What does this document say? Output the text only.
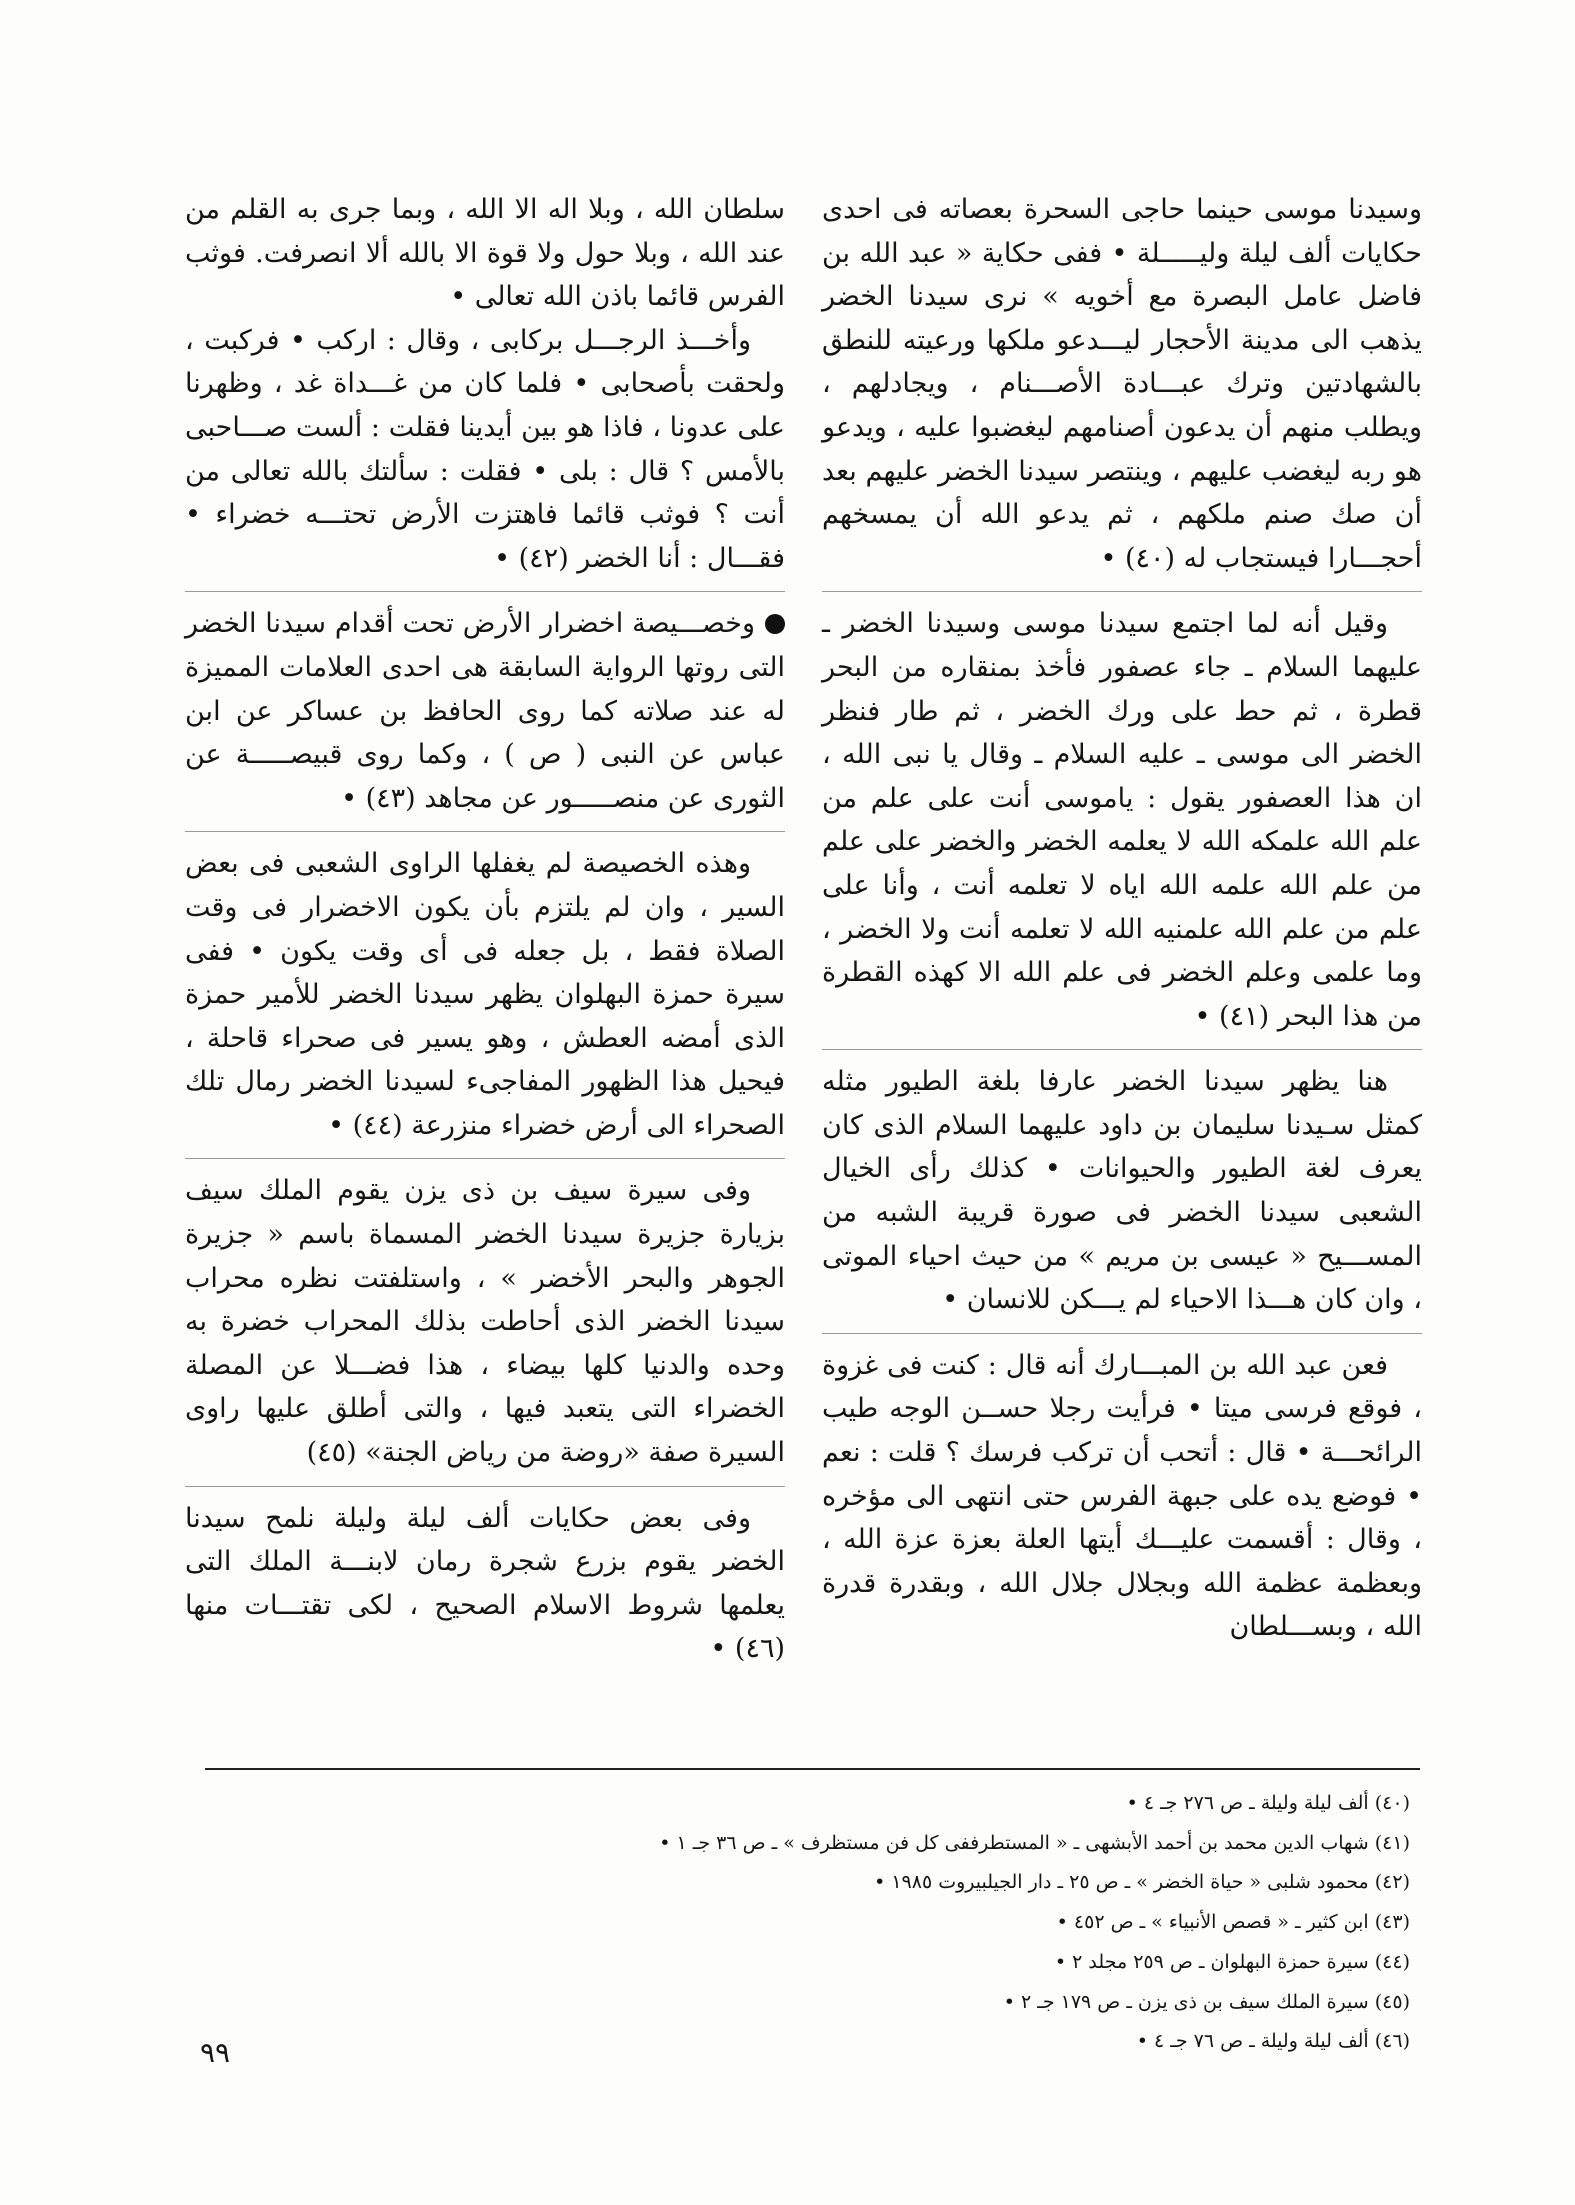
وسيدنا موسى حينما حاجى السحرة بعصاته فى احدى حكايات ألف ليلة وليـــــلة • ففى حكاية « عبد الله بن فاضل عامل البصرة مع أخويه » نرى سيدنا الخضر يذهب الى مدينة الأحجار ليـــدعو ملكها ورعيته للنطق بالشهادتين وترك عبـــادة الأصـــنام ، ويجادلهم ، ويطلب منهم أن يدعون أصنامهم ليغضبوا عليه ، ويدعو هو ربه ليغضب عليهم ، وينتصر سيدنا الخضر عليهم بعد أن صك صنم ملكهم ، ثم يدعو الله أن يمسخهم أحجـــارا فيستجاب له (٤٠) •

وقيل أنه لما اجتمع سيدنا موسى وسيدنا الخضر ـ عليهما السلام ـ جاء عصفور فأخذ بمنقاره من البحر قطرة ، ثم حط على ورك الخضر ، ثم طار فنظر الخضر الى موسى ـ عليه السلام ـ وقال يا نبى الله ، ان هذا العصفور يقول : ياموسى أنت على علم من علم الله علمكه الله لا يعلمه الخضر والخضر على علم من علم الله علمه الله اياه لا تعلمه أنت ، وأنا على علم من علم الله علمنيه الله لا تعلمه أنت ولا الخضر ، وما علمى وعلم الخضر فى علم الله الا كهذه القطرة من هذا البحر (٤١) •

هنا يظهر سيدنا الخضر عارفا بلغة الطيور مثله كمثل سـيدنا سليمان بن داود عليهما السلام الذى كان يعرف لغة الطيور والحيوانات • كذلك رأى الخيال الشعبى سيدنا الخضر فى صورة قريبة الشبه من المســـيح « عيسى بن مريم » من حيث احياء الموتى ، وان كان هـــذا الاحياء لم يـــكن للانسان •

فعن عبد الله بن المبـــارك أنه قال : كنت فى غزوة ، فوقع فرسى ميتا • فرأيت رجلا حســن الوجه طيب الرائحـــة • قال : أتحب أن تركب فرسك ؟ قلت : نعم • فوضع يده على جبهة الفرس حتى انتهى الى مؤخره ، وقال : أقسمت عليـــك أيتها العلة بعزة عزة الله ، وبعظمة عظمة الله وبجلال جلال الله ، وبقدرة قدرة الله ، وبســـلطان

سلطان الله ، وبلا اله الا الله ، وبما جرى به القلم من عند الله ، وبلا حول ولا قوة الا بالله ألا انصرفت. فوثب الفرس قائما باذن الله تعالى •

وأخـــذ الرجـــل بركابى ، وقال : اركب • فركبت ، ولحقت بأصحابى • فلما كان من غـــداة غد ، وظهرنا على عدونا ، فاذا هو بين أيدينا فقلت : ألست صـــاحبى بالأمس ؟ قال : بلى • فقلت : سألتك بالله تعالى من أنت ؟ فوثب قائما فاهتزت الأرض تحتـــه خضراء • فقـــال : أنا الخضر (٤٢) •

وخصـــيصة اخضرار الأرض تحت أقدام سيدنا الخضر التى روتها الرواية السابقة هى احدى العلامات المميزة له عند صلاته كما روى الحافظ بن عساكر عن ابن عباس عن النبى ( ص ) ، وكما روى قبيصـــــة عن الثورى عن منصـــــور عن مجاهد (٤٣) •

وهذه الخصيصة لم يغفلها الراوى الشعبى فى بعض السير ، وان لم يلتزم بأن يكون الاخضرار فى وقت الصلاة فقط ، بل جعله فى أى وقت يكون • ففى سيرة حمزة البهلوان يظهر سيدنا الخضر للأمير حمزة الذى أمضه العطش ، وهو يسير فى صحراء قاحلة ، فيحيل هذا الظهور المفاجىء لسيدنا الخضر رمال تلك الصحراء الى أرض خضراء منزرعة (٤٤) •

وفى سيرة سيف بن ذى يزن يقوم الملك سيف بزيارة جزيرة سيدنا الخضر المسماة باسم « جزيرة الجوهر والبحر الأخضر » ، واستلفتت نظره محراب سيدنا الخضر الذى أحاطت بذلك المحراب خضرة به وحده والدنيا كلها بيضاء ، هذا فضـــلا عن المصلة الخضراء التى يتعبد فيها ، والتى أطلق عليها راوى السيرة صفة «روضة من رياض الجنة» (٤٥)

وفى بعض حكايات ألف ليلة وليلة نلمح سيدنا الخضر يقوم بزرع شجرة رمان لابنـــة الملك التى يعلمها شروط الاسلام الصحيح ، لكى تقتـــات منها (٤٦) •

(٤٠) ألف ليلة وليلة ـ ص ٢٧٦ جـ ٤ •
(٤١) شهاب الدين محمد بن أحمد الأبشهى ـ « المستطرففى كل فن مستظرف » ـ ص ٣٦ جـ ١ •
(٤٢) محمود شلبى « حياة الخضر » ـ ص ٢٥ ـ دار الجيلبيروت ١٩٨٥ •
(٤٣) ابن كثير ـ « قصص الأنبياء » ـ ص ٤٥٢ •
(٤٤) سيرة حمزة البهلوان ـ ص ٢٥٩ مجلد ٢ •
(٤٥) سيرة الملك سيف بن ذى يزن ـ ص ١٧٩ جـ ٢ •
(٤٦) ألف ليلة وليلة ـ ص ٧٦ جـ ٤ •
٩٩
